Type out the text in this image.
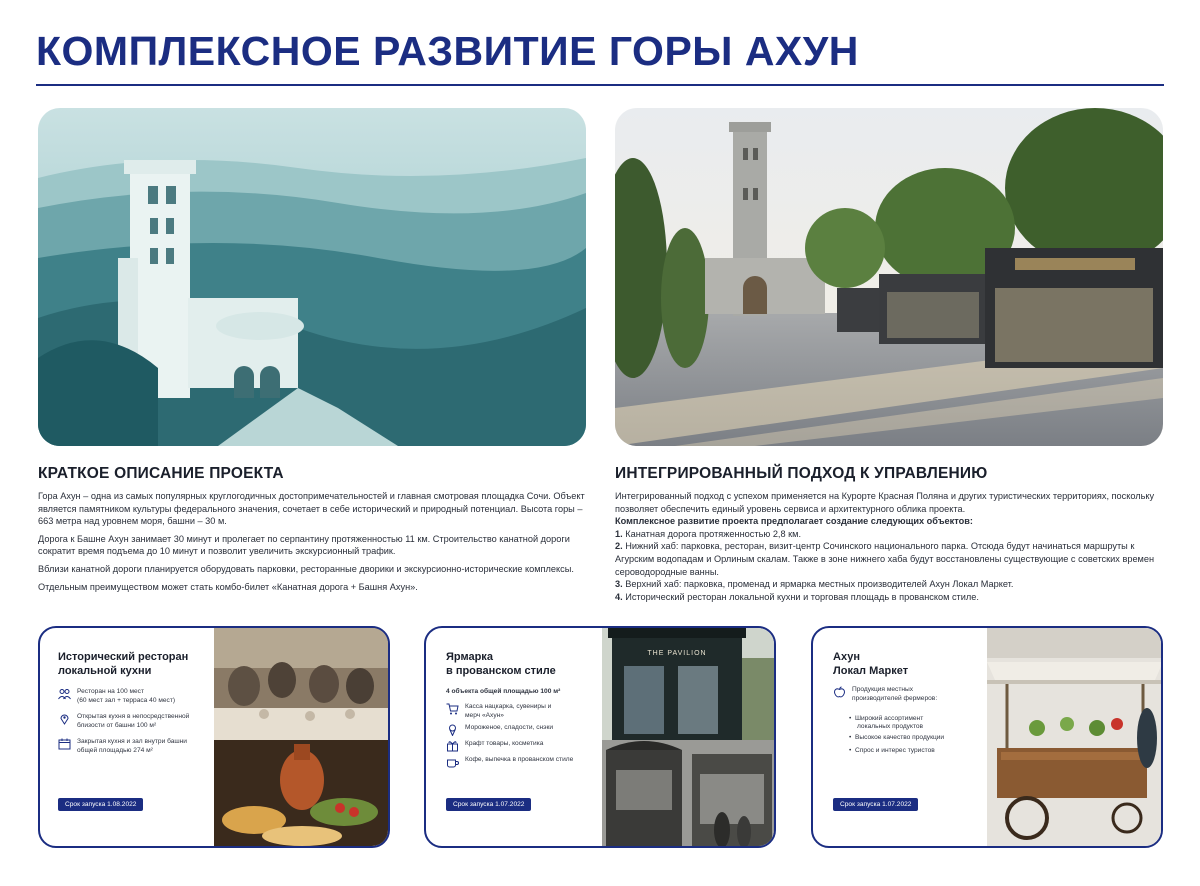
КОМПЛЕКСНОЕ РАЗВИТИЕ ГОРЫ АХУН
КРАТКОЕ ОПИСАНИЕ ПРОЕКТА

Гора Ахун – одна из самых популярных круглогодичных достопримечательностей и главная смотровая площадка Сочи. Объект является памятником культуры федерального значения, сочетает в себе исторический и природный потенциал. Высота горы – 663 метра над уровнем моря, башни – 30 м.

Дорога к Башне Ахун занимает 30 минут и пролегает по серпантину протяженностью 11 км. Строительство канатной дороги сократит время подъема до 10 минут и позволит увеличить экскурсионный трафик.

Вблизи канатной дороги планируется оборудовать парковки, ресторанные дворики и экскурсионно-исторические комплексы.

Отдельным преимуществом может стать комбо-билет «Канатная дорога + Башня Ахун».

ИНТЕГРИРОВАННЫЙ ПОДХОД К УПРАВЛЕНИЮ

Интегрированный подход с успехом применяется на Курорте Красная Поляна и других туристических территориях, поскольку позволяет обеспечить единый уровень сервиса и архитектурного облика проекта.

Комплексное развитие проекта предполагает создание следующих объектов:

1. Канатная дорога протяженностью 2,8 км.

2. Нижний хаб: парковка, ресторан, визит-центр Сочинского национального парка. Отсюда будут начинаться маршруты к Агурским водопадам и Орлиным скалам. Также в зоне нижнего хаба будут восстановлены существующие с советских времен сероводородные ванны.

3. Верхний хаб: парковка, променад и ярмарка местных производителей Ахун Локал Маркет.

4. Исторический ресторан локальной кухни и торговая площадь в прованском стиле.

Исторический ресторан
локальной кухни
Ресторан на 100 мест
(60 мест зал + терраса 40 мест)
Открытая кухня в непосредственной
близости от башни 100 м²
Закрытая кухня и зал внутри башни
общей площадью 274 м²
Срок запуска 1.08.2022
Ярмарка
в прованском стиле
4 объекта общей площадью 100 м²
Касса нацкарка, сувениры и
мерч «Ахун»
Мороженое, сладости, снэки
Крафт товары, косметика
Кофе, выпечка в прованском стиле
Срок запуска 1.07.2022
THE PAVILION	Ахун
Локал Маркет
Продукция местных
производителей фермеров:
•  Широкий ассортимент
локальных продуктов
•  Высокое качество продукции
•  Спрос и интерес туристов
Срок запуска 1.07.2022
